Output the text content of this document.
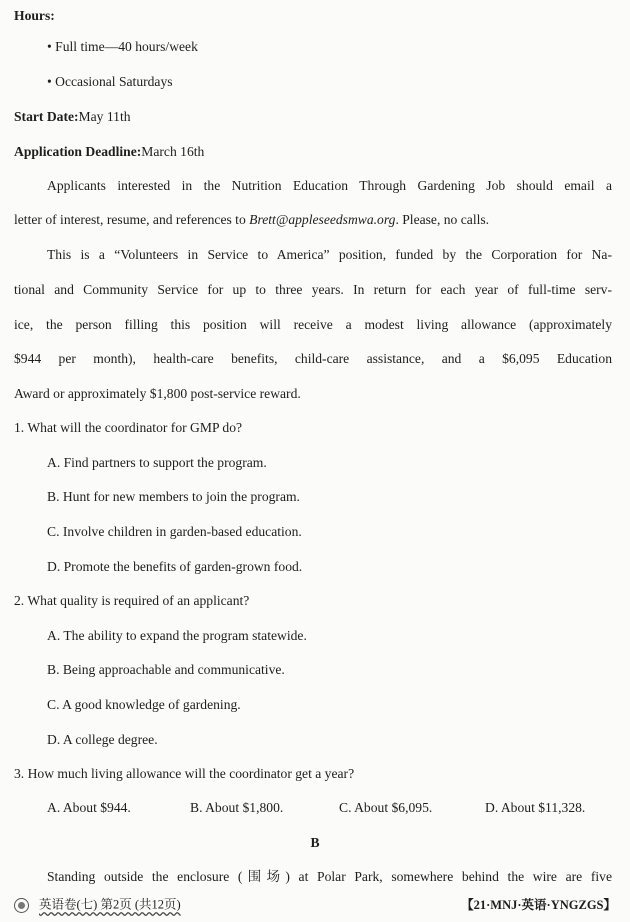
Hours:
• Full time—40 hours/week
• Occasional Saturdays
Start Date:May 11th
Application Deadline:March 16th
Applicants interested in the Nutrition Education Through Gardening Job should email a
letter of interest, resume, and references to Brett@appleseedsmwa.org. Please, no calls.
This is a “Volunteers in Service to America” position, funded by the Corporation for Na-
tional and Community Service for up to three years. In return for each year of full-time serv-
ice, the person filling this position will receive a modest living allowance (approximately
$944 per month), health-care benefits, child-care assistance, and a $6,095 Education
Award or approximately $1,800 post-service reward.
1. What will the coordinator for GMP do?
A. Find partners to support the program.
B. Hunt for new members to join the program.
C. Involve children in garden-based education.
D. Promote the benefits of garden-grown food.
2. What quality is required of an applicant?
A. The ability to expand the program statewide.
B. Being approachable and communicative.
C. A good knowledge of gardening.
D. A college degree.
3. How much living allowance will the coordinator get a year?
A. About $944.	B. About $1,800.	C. About $6,095.	D. About $11,328.
B
Standing outside the enclosure (围场) at Polar Park, somewhere behind the wire are five
英语卷(七) 第2页 (共12页)	【21·MNJ·英语·YNGZGS】
